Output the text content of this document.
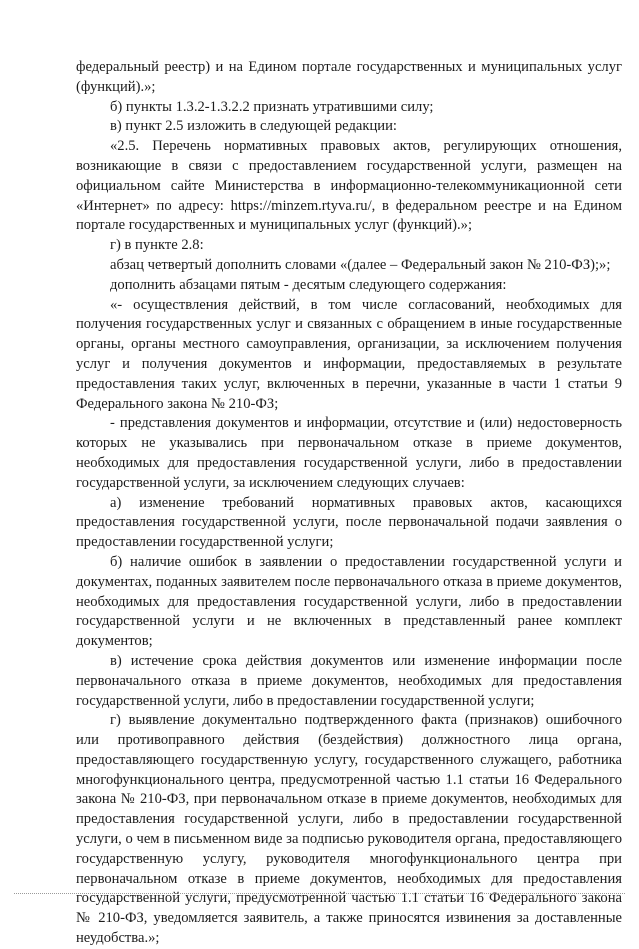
федеральный реестр) и на Едином портале государственных и муниципальных услуг (функций).»;

б) пункты 1.3.2-1.3.2.2 признать утратившими силу;

в) пункт 2.5 изложить в следующей редакции:

«2.5. Перечень нормативных правовых актов, регулирующих отношения, возникающие в связи с предоставлением государственной услуги, размещен на официальном сайте Министерства в информационно-телекоммуникационной сети «Интернет» по адресу: https://minzem.rtyva.ru/, в федеральном реестре и на Едином портале государственных и муниципальных услуг (функций).»;

г) в пункте 2.8:

абзац четвертый дополнить словами «(далее – Федеральный закон № 210-ФЗ);»;

дополнить абзацами пятым - десятым следующего содержания:

«- осуществления действий, в том числе согласований, необходимых для получения государственных услуг и связанных с обращением в иные государственные органы, органы местного самоуправления, организации, за исключением получения услуг и получения документов и информации, предоставляемых в результате предоставления таких услуг, включенных в перечни, указанные в части 1 статьи 9 Федерального закона № 210-ФЗ;

- представления документов и информации, отсутствие и (или) недостоверность которых не указывались при первоначальном отказе в приеме документов, необходимых для предоставления государственной услуги, либо в предоставлении государственной услуги, за исключением следующих случаев:

а) изменение требований нормативных правовых актов, касающихся предоставления государственной услуги, после первоначальной подачи заявления о предоставлении государственной услуги;

б) наличие ошибок в заявлении о предоставлении государственной услуги и документах, поданных заявителем после первоначального отказа в приеме документов, необходимых для предоставления государственной услуги, либо в предоставлении государственной услуги и не включенных в представленный ранее комплект документов;

в) истечение срока действия документов или изменение информации после первоначального отказа в приеме документов, необходимых для предоставления государственной услуги, либо в предоставлении государственной услуги;

г) выявление документально подтвержденного факта (признаков) ошибочного или противоправного действия (бездействия) должностного лица органа, предоставляющего государственную услугу, государственного служащего, работника многофункционального центра, предусмотренной частью 1.1 статьи 16 Федерального закона № 210-ФЗ, при первоначальном отказе в приеме документов, необходимых для предоставления государственной услуги, либо в предоставлении государственной услуги, о чем в письменном виде за подписью руководителя органа, предоставляющего государственную услугу, руководителя многофункционального центра при первоначальном отказе в приеме документов, необходимых для предоставления государственной услуги, предусмотренной частью 1.1 статьи 16 Федерального закона № 210-ФЗ, уведомляется заявитель, а также приносятся извинения за доставленные неудобства.»;
